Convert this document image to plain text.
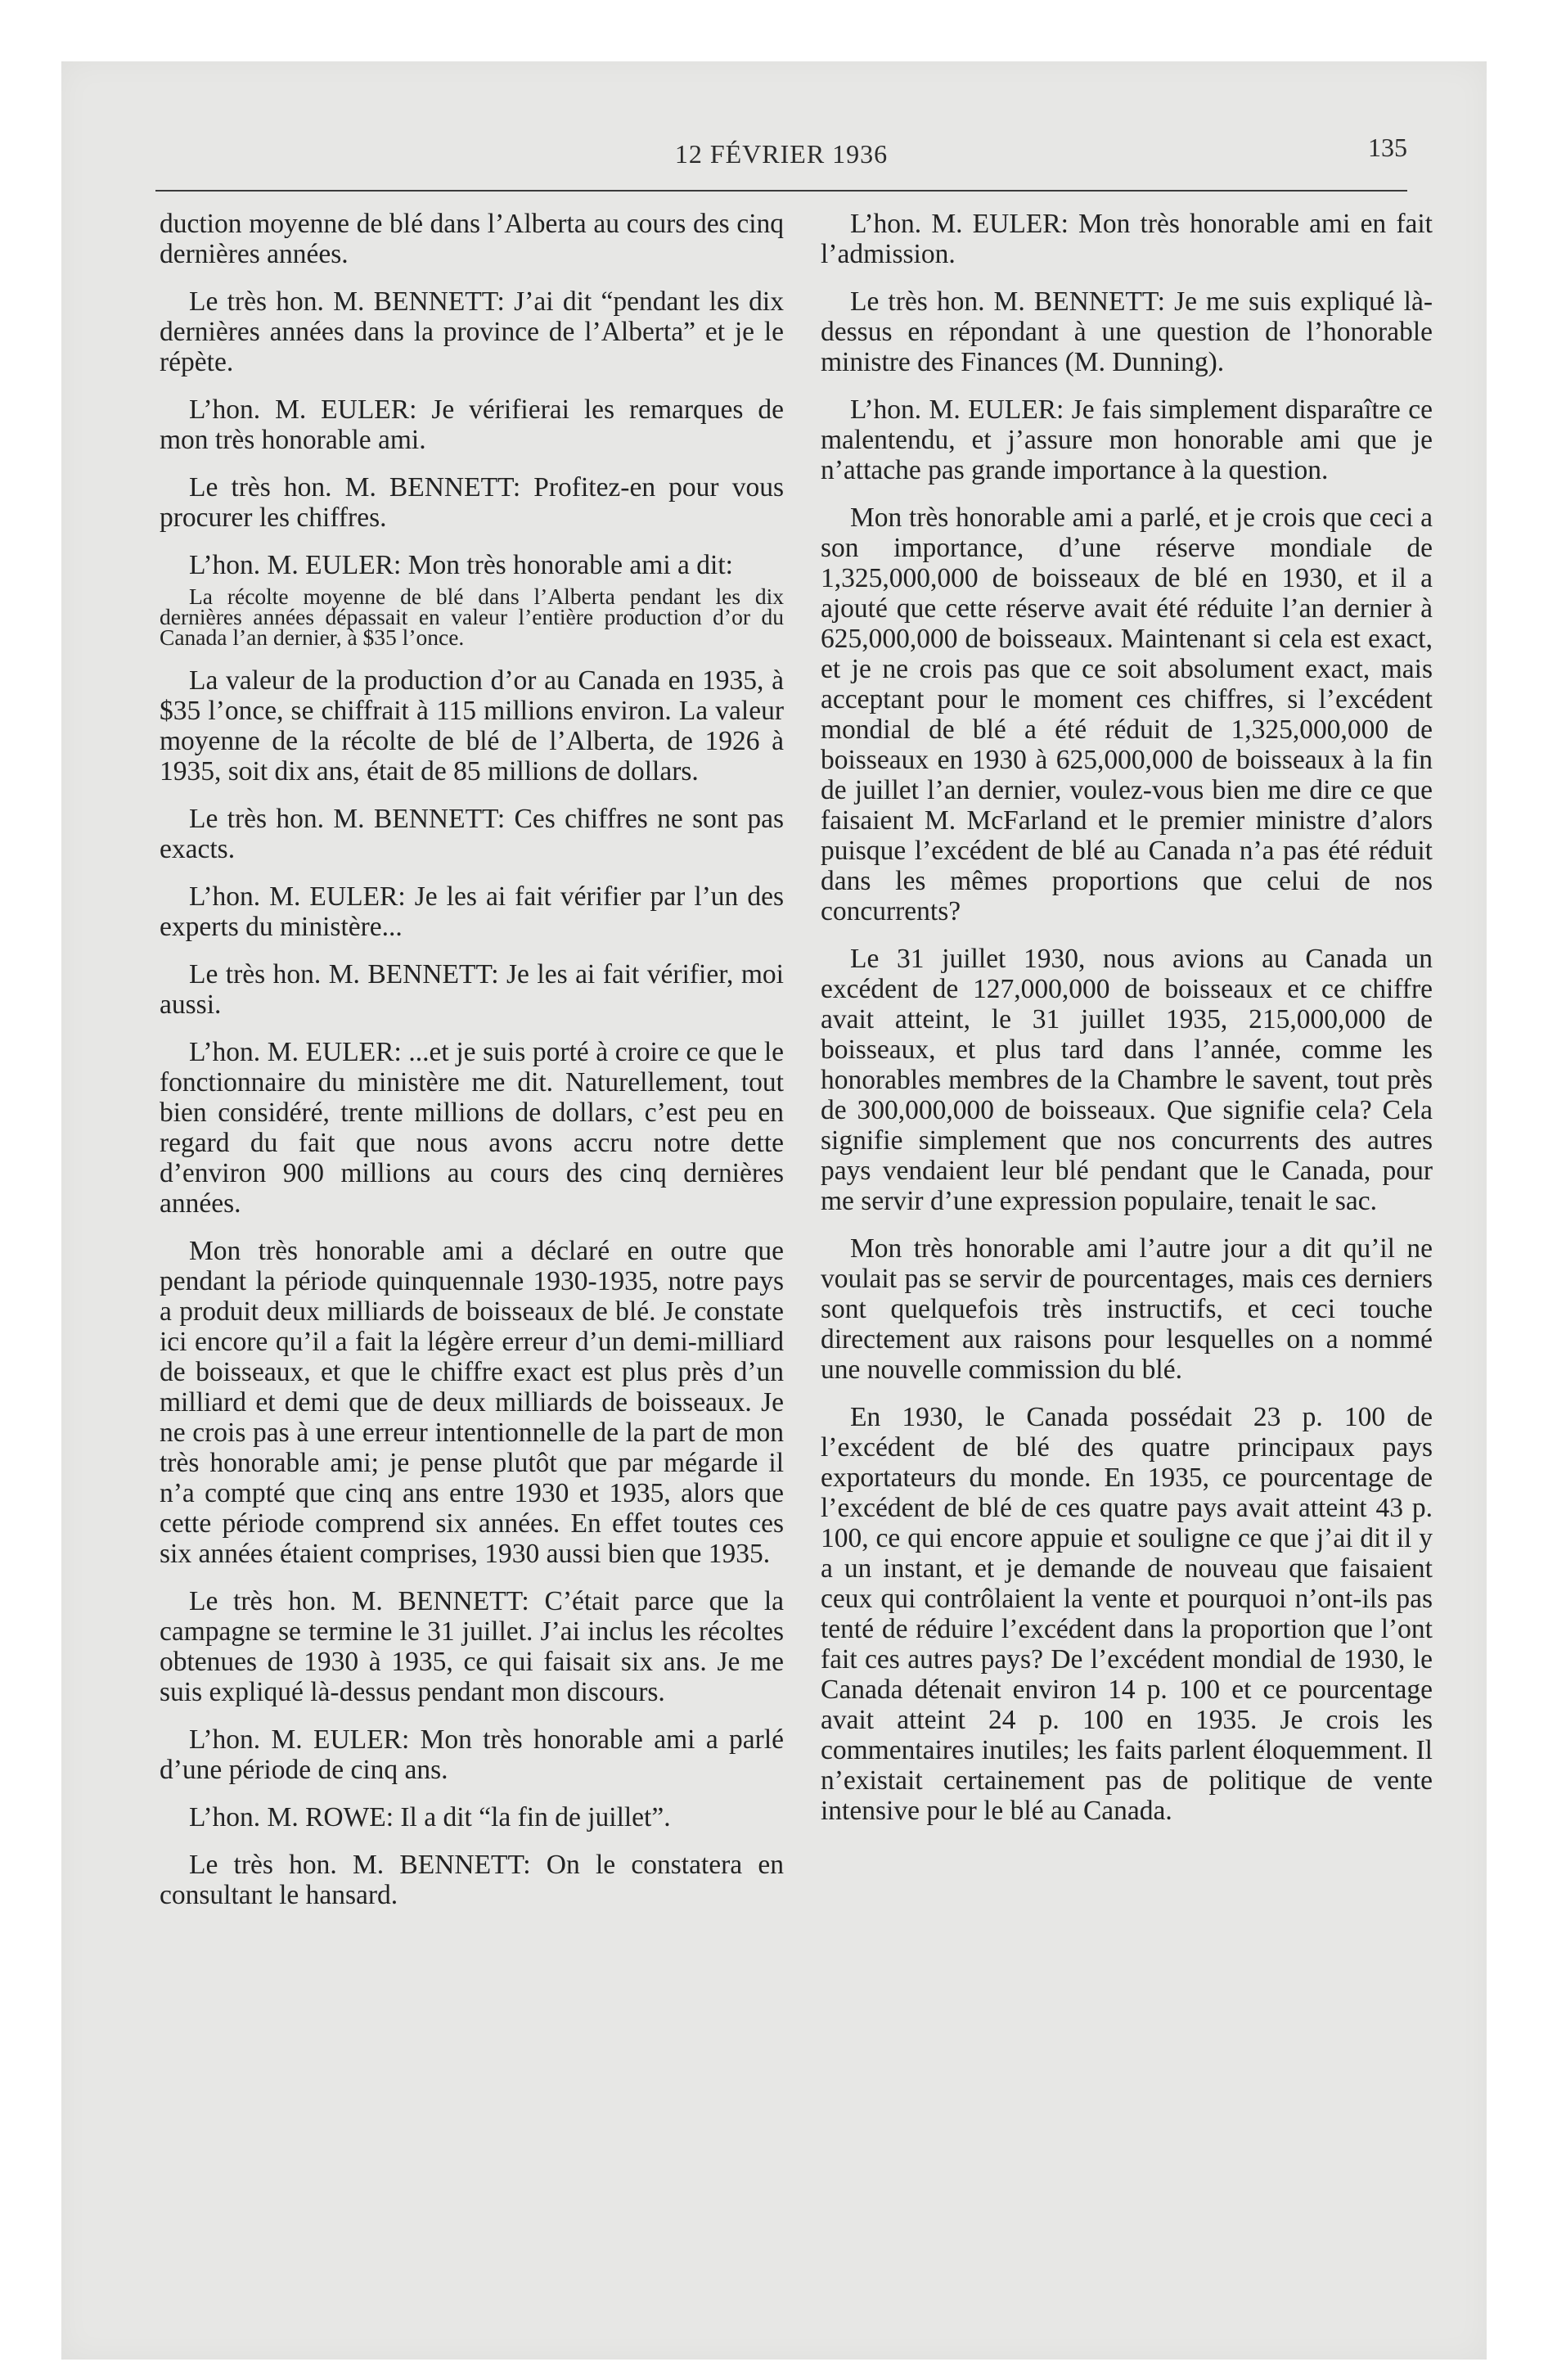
12 FÉVRIER 1936	135

duction moyenne de blé dans l’Alberta au cours des cinq dernières années.

Le très hon. M. BENNETT: J’ai dit “pendant les dix dernières années dans la province de l’Alberta” et je le répète.

L’hon. M. EULER: Je vérifierai les remarques de mon très honorable ami.

Le très hon. M. BENNETT: Profitez-en pour vous procurer les chiffres.

L’hon. M. EULER: Mon très honorable ami a dit:

La récolte moyenne de blé dans l’Alberta pendant les dix dernières années dépassait en valeur l’entière production d’or du Canada l’an dernier, à $35 l’once.

La valeur de la production d’or au Canada en 1935, à $35 l’once, se chiffrait à 115 millions environ. La valeur moyenne de la récolte de blé de l’Alberta, de 1926 à 1935, soit dix ans, était de 85 millions de dollars.

Le très hon. M. BENNETT: Ces chiffres ne sont pas exacts.

L’hon. M. EULER: Je les ai fait vérifier par l’un des experts du ministère...

Le très hon. M. BENNETT: Je les ai fait vérifier, moi aussi.

L’hon. M. EULER: ...et je suis porté à croire ce que le fonctionnaire du ministère me dit. Naturellement, tout bien considéré, trente millions de dollars, c’est peu en regard du fait que nous avons accru notre dette d’environ 900 millions au cours des cinq dernières années.

Mon très honorable ami a déclaré en outre que pendant la période quinquennale 1930-1935, notre pays a produit deux milliards de boisseaux de blé. Je constate ici encore qu’il a fait la légère erreur d’un demi-milliard de boisseaux, et que le chiffre exact est plus près d’un milliard et demi que de deux milliards de boisseaux. Je ne crois pas à une erreur intentionnelle de la part de mon très honorable ami; je pense plutôt que par mégarde il n’a compté que cinq ans entre 1930 et 1935, alors que cette période comprend six années. En effet toutes ces six années étaient comprises, 1930 aussi bien que 1935.

Le très hon. M. BENNETT: C’était parce que la campagne se termine le 31 juillet. J’ai inclus les récoltes obtenues de 1930 à 1935, ce qui faisait six ans. Je me suis expliqué là-dessus pendant mon discours.

L’hon. M. EULER: Mon très honorable ami a parlé d’une période de cinq ans.

L’hon. M. ROWE: Il a dit “la fin de juillet”.

Le très hon. M. BENNETT: On le constatera en consultant le hansard.

L’hon. M. EULER: Mon très honorable ami en fait l’admission.

Le très hon. M. BENNETT: Je me suis expliqué là-dessus en répondant à une question de l’honorable ministre des Finances (M. Dunning).

L’hon. M. EULER: Je fais simplement disparaître ce malentendu, et j’assure mon honorable ami que je n’attache pas grande importance à la question.

Mon très honorable ami a parlé, et je crois que ceci a son importance, d’une réserve mondiale de 1,325,000,000 de boisseaux de blé en 1930, et il a ajouté que cette réserve avait été réduite l’an dernier à 625,000,000 de boisseaux. Maintenant si cela est exact, et je ne crois pas que ce soit absolument exact, mais acceptant pour le moment ces chiffres, si l’excédent mondial de blé a été réduit de 1,325,000,000 de boisseaux en 1930 à 625,000,000 de boisseaux à la fin de juillet l’an dernier, voulez-vous bien me dire ce que faisaient M. McFarland et le premier ministre d’alors puisque l’excédent de blé au Canada n’a pas été réduit dans les mêmes proportions que celui de nos concurrents?

Le 31 juillet 1930, nous avions au Canada un excédent de 127,000,000 de boisseaux et ce chiffre avait atteint, le 31 juillet 1935, 215,000,000 de boisseaux, et plus tard dans l’année, comme les honorables membres de la Chambre le savent, tout près de 300,000,000 de boisseaux. Que signifie cela? Cela signifie simplement que nos concurrents des autres pays vendaient leur blé pendant que le Canada, pour me servir d’une expression populaire, tenait le sac.

Mon très honorable ami l’autre jour a dit qu’il ne voulait pas se servir de pourcentages, mais ces derniers sont quelquefois très instructifs, et ceci touche directement aux raisons pour lesquelles on a nommé une nouvelle commission du blé.

En 1930, le Canada possédait 23 p. 100 de l’excédent de blé des quatre principaux pays exportateurs du monde. En 1935, ce pourcentage de l’excédent de blé de ces quatre pays avait atteint 43 p. 100, ce qui encore appuie et souligne ce que j’ai dit il y a un instant, et je demande de nouveau que faisaient ceux qui contrôlaient la vente et pourquoi n’ont-ils pas tenté de réduire l’excédent dans la proportion que l’ont fait ces autres pays? De l’excédent mondial de 1930, le Canada détenait environ 14 p. 100 et ce pourcentage avait atteint 24 p. 100 en 1935. Je crois les commentaires inutiles; les faits parlent éloquemment. Il n’existait certainement pas de politique de vente intensive pour le blé au Canada.
